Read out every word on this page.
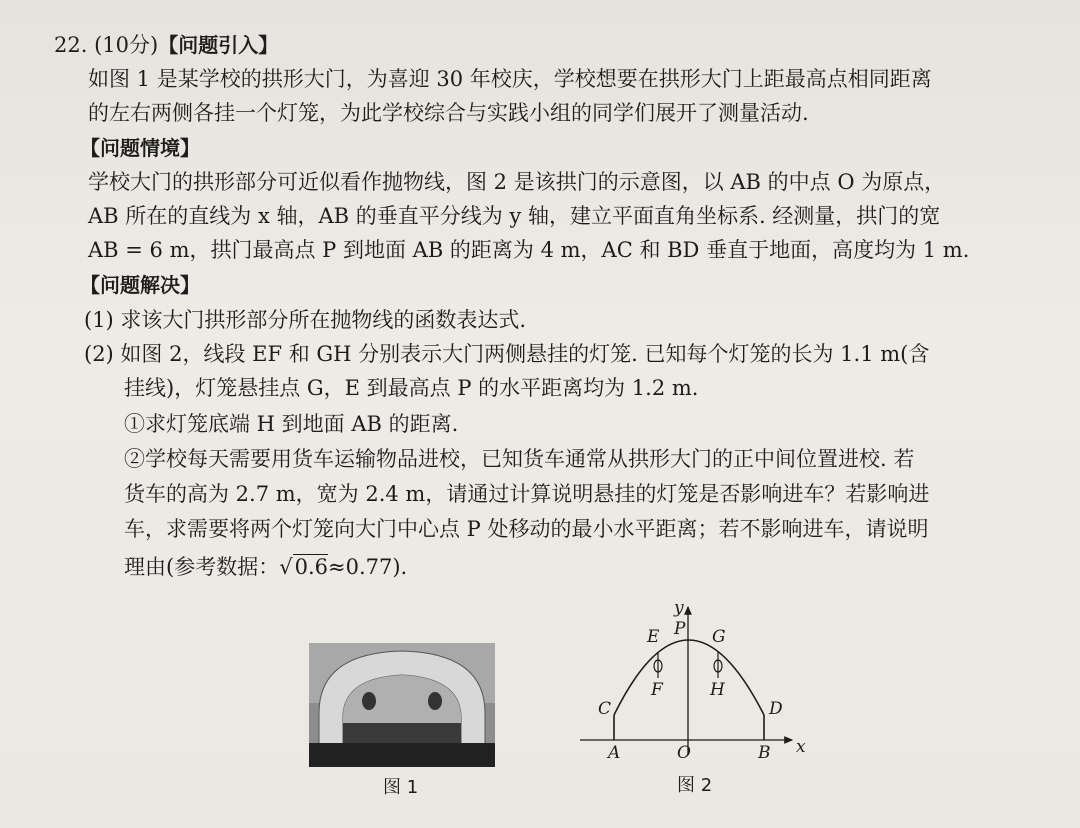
22. (10分)【问题引入】
如图 1 是某学校的拱形大门，为喜迎 30 年校庆，学校想要在拱形大门上距最高点相同距离
的左右两侧各挂一个灯笼，为此学校综合与实践小组的同学们展开了测量活动.
【问题情境】
学校大门的拱形部分可近似看作抛物线，图 2 是该拱门的示意图，以 AB 的中点 O 为原点，
AB 所在的直线为 x 轴，AB 的垂直平分线为 y 轴，建立平面直角坐标系. 经测量，拱门的宽
AB = 6 m，拱门最高点 P 到地面 AB 的距离为 4 m，AC 和 BD 垂直于地面，高度均为 1 m.
【问题解决】
(1) 求该大门拱形部分所在抛物线的函数表达式.
(2) 如图 2，线段 EF 和 GH 分别表示大门两侧悬挂的灯笼. 已知每个灯笼的长为 1.1 m(含
挂线)，灯笼悬挂点 G，E 到最高点 P 的水平距离均为 1.2 m.
①求灯笼底端 H 到地面 AB 的距离.
②学校每天需要用货车运输物品进校，已知货车通常从拱形大门的正中间位置进校. 若
货车的高为 2.7 m，宽为 2.4 m，请通过计算说明悬挂的灯笼是否影响进车？若影响进
车，求需要将两个灯笼向大门中心点 P 处移动的最小水平距离；若不影响进车，请说明
理由(参考数据：√0.6≈0.77).
图 1
y
x
P
E	G
F	H
C	D
A	O	B
图 2
